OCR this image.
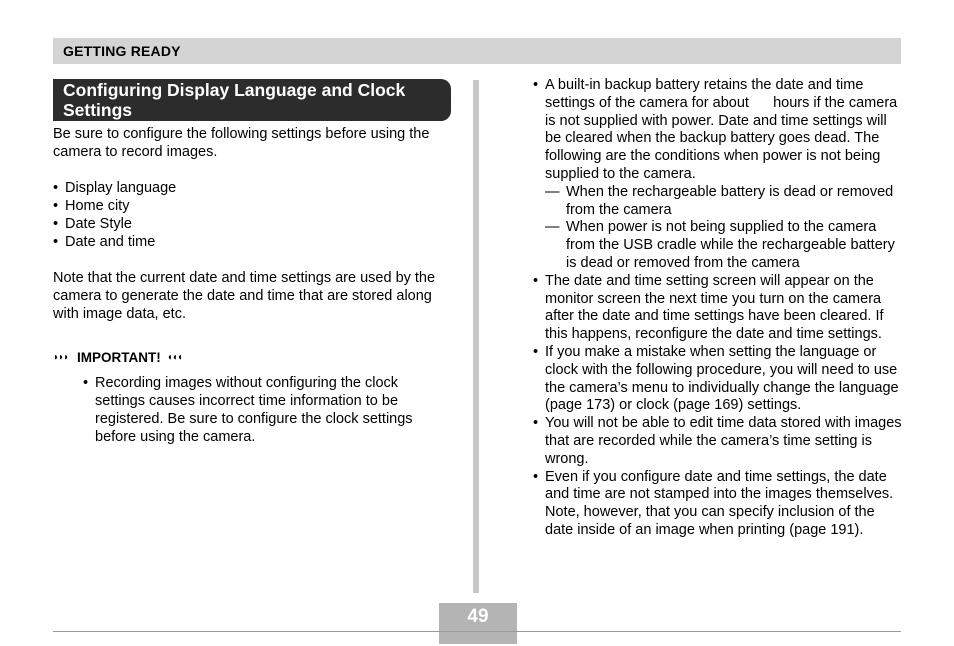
GETTING READY
Configuring Display Language and Clock Settings

Be sure to configure the following settings before using the camera to record images.

• Display language
• Home city
• Date Style
• Date and time

Note that the current date and time settings are used by the camera to generate the date and time that are stored along with image data, etc.

◗◗◗ IMPORTANT! ◖◖◖
• Recording images without configuring the clock settings causes incorrect time information to be registered. Be sure to configure the clock settings before using the camera.
• A built-in backup battery retains the date and time settings of the camera for about      hours if the camera is not supplied with power. Date and time settings will be cleared when the backup battery goes dead. The following are the conditions when power is not being supplied to the camera.
— When the rechargeable battery is dead or removed from the camera
— When power is not being supplied to the camera from the USB cradle while the rechargeable battery is dead or removed from the camera
• The date and time setting screen will appear on the monitor screen the next time you turn on the camera after the date and time settings have been cleared. If this happens, reconfigure the date and time settings.
• If you make a mistake when setting the language or clock with the following procedure, you will need to use the camera’s menu to individually change the language (page 173) or clock (page 169) settings.
• You will not be able to edit time data stored with images that are recorded while the camera’s time setting is wrong.
• Even if you configure date and time settings, the date and time are not stamped into the images themselves. Note, however, that you can specify inclusion of the date inside of an image when printing (page 191).
49
